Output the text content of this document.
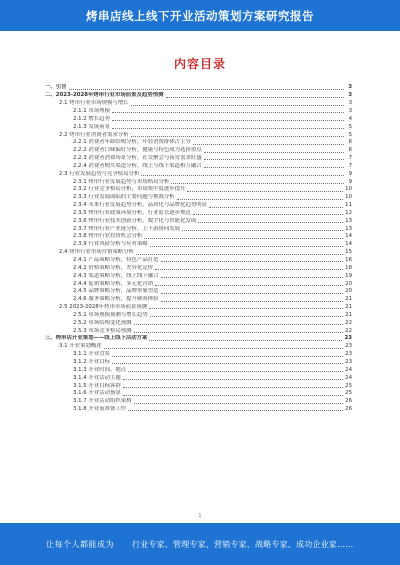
烤串店线上线下开业活动策划方案研究报告
内容目录
一、引言	3
二、2023-2028年烤串行业市场前景及趋势预测	3
2.1 烤串行业市场规模与增长	3
2.1.1 市场规模	3
2.1.2 增长趋势	4
2.1.3 发展前景	5
2.2 烤串行业消费者需求分析	5
2.2.1 消费者年龄结构分析，年轻消费群体占主导	6
2.2.2 消费者口味偏好分析，健康与特色成为选择重点	6
2.2.3 消费者消费场景分析，社交聚会与夜宵需求旺盛	7
2.2.4 消费者购买渠道分析，线上与线下渠道相互融合	7
2.3 行业发展趋势与竞争格局分析	9
2.3.1 烤串行业发展趋势与市场格局分析	9
2.3.2 行业竞争格局分析，市场集中度逐步提升	10
2.3.3 行业发展面临的主要问题与挑战分析	10
2.3.4 未来行业发展趋势分析，品质化与品牌化趋势明显	11
2.3.5 烤串行业政策环境分析，行业监管逐步规范	12
2.3.6 烤串行业技术创新分析，数字化与智能化发展	13
2.3.7 烤串行业产业链分析，上下游协同发展	13
2.3.8 烤串行业投资机会分析	14
2.3.9 行业风险分析与应对策略	14
2.4 烤串行业市场营销策略分析	15
2.4.1 产品策略分析，特色产品打造	16
2.4.2 价格策略分析，差异化定价	18
2.4.3 渠道策略分析，线上线下融合	19
2.4.4 促销策略分析，多元化营销	20
2.4.5 品牌策略分析，品牌形象塑造	20
2.4.6 服务策略分析，提升顾客体验	21
2.5 2023-2028年烤串市场前景预测	21
2.5.1 市场规模预测与增长趋势	21
2.5.2 市场结构变化预测	22
2.5.3 市场竞争格局预测	22
三、烤串店开业策划——线上线下活动方案	23
3.1 开业策划概述	23
3.1.1 开业背景	23
3.1.2 开业目标	23
3.1.3 开业时间、地点	24
3.1.4 开业活动主题	24
3.1.5 开业目标客群	25
3.1.6 开业活动预算	25
3.1.7 开业活动组织架构	26
3.1.8 开业前准备工作	26
1
让每个人都能成为	行业专家、管理专家、营销专家、战略专家、成功企业家……
